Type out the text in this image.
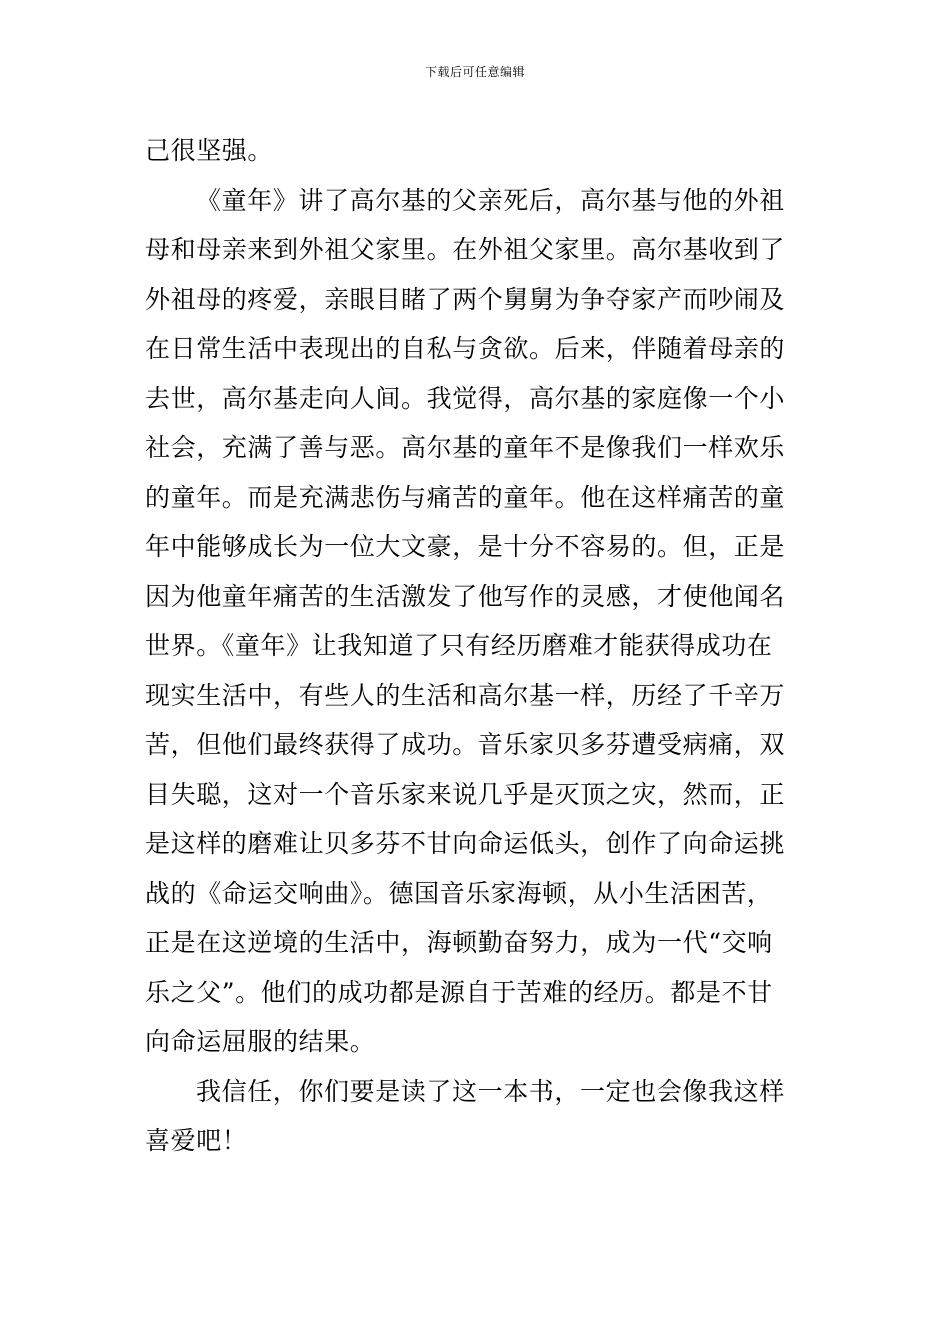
下载后可任意编辑
己很坚强。
《童年》讲了高尔基的父亲死后，高尔基与他的外祖
母和母亲来到外祖父家里。在外祖父家里。高尔基收到了
外祖母的疼爱，亲眼目睹了两个舅舅为争夺家产而吵闹及
在日常生活中表现出的自私与贪欲。后来，伴随着母亲的
去世，高尔基走向人间。我觉得，高尔基的家庭像一个小
社会，充满了善与恶。高尔基的童年不是像我们一样欢乐
的童年。而是充满悲伤与痛苦的童年。他在这样痛苦的童
年中能够成长为一位大文豪，是十分不容易的。但，正是
因为他童年痛苦的生活激发了他写作的灵感，才使他闻名
世界。《童年》让我知道了只有经历磨难才能获得成功在
现实生活中，有些人的生活和高尔基一样，历经了千辛万
苦，但他们最终获得了成功。音乐家贝多芬遭受病痛，双
目失聪，这对一个音乐家来说几乎是灭顶之灾，然而，正
是这样的磨难让贝多芬不甘向命运低头，创作了向命运挑
战的《命运交响曲》。德国音乐家海顿，从小生活困苦，
正是在这逆境的生活中，海顿勤奋努力，成为一代“交响
乐之父”。他们的成功都是源自于苦难的经历。都是不甘
向命运屈服的结果。
我信任，你们要是读了这一本书，一定也会像我这样
喜爱吧！
